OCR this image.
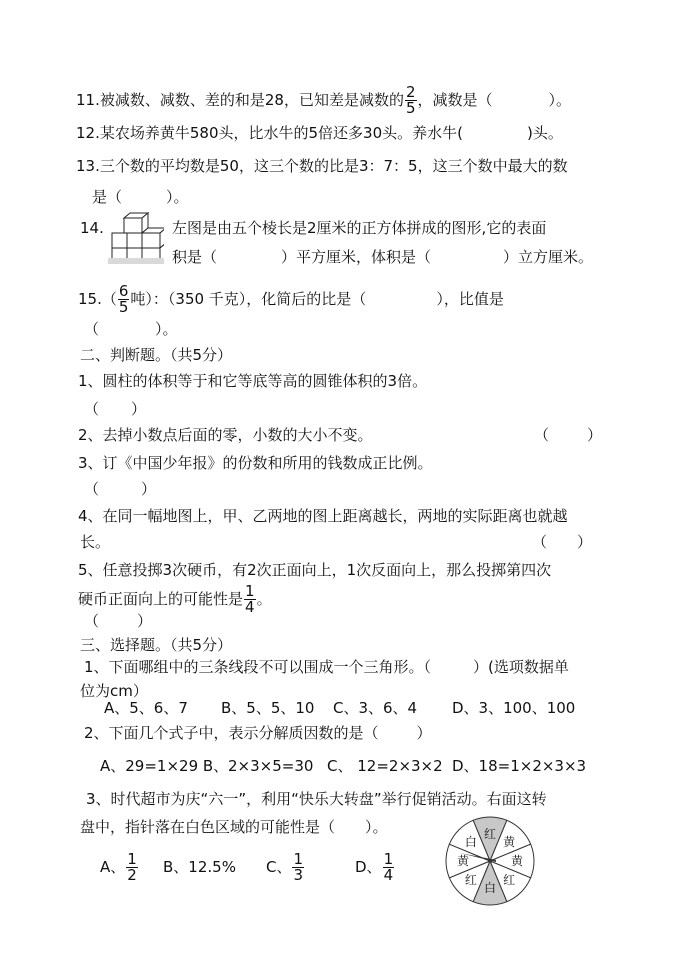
11.被减数、减数、差的和是28，已知差是减数的 $\frac{2}{5}$ ，减数是（	）。
12.某农场养黄牛580头，比水牛的5倍还多30头。养水牛(	)头。
13.三个数的平均数是50，这三个数的比是3：7：5，这三个数中最大的数
是（	）。
14.	左图是由五个棱长是2厘米的正方体拼成的图形,它的表面
积是（	）平方厘米，体积是（	）立方厘米。
$15.( \frac{6}{5}$ 吨）：（350 千克），化简后的比是（	），比值是
（	）。
二、判断题。（共5分）
1、圆柱的体积等于和它等底等高的圆锥体积的3倍。
（ ）
2、去掉小数点后面的零，小数的大小不变。	（	）
3、订《中国少年报》的份数和所用的钱数成正比例。
（	）
4、在同一幅地图上，甲、乙两地的图上距离越长，两地的实际距离也就越
长。	（ ）
5、任意投掷3次硬币，有2次正面向上，1次反面向上，那么投掷第四次
硬币正面向上的可能性是 $\frac{1}{4}$ 。
（	）
三、选择题。（共5分）
1、下面哪组中的三条线段不可以围成一个三角形。（	）(选项数据单
位为cm）
A、5、6、7 B、5、5、10 C、3、6、4 D、3、100、100
2、下面几个式子中，表示分解质因数的是（	）
A、29=1×29 B、 2×3×5=30 C、 12=2×3×2 D、18=1×2×3×3
3、时代超市为庆“六一”，利用“快乐大转盘”举行促销活动。右面这转
盘中，指针落在白色区域的可能性是（ ）。
A、 $\frac{1}{2}$ B、12.5% C、 $\frac{1}{3}$	D、 $\frac{1}{4}$
红
黄
黄
红
白
红
黄
白
